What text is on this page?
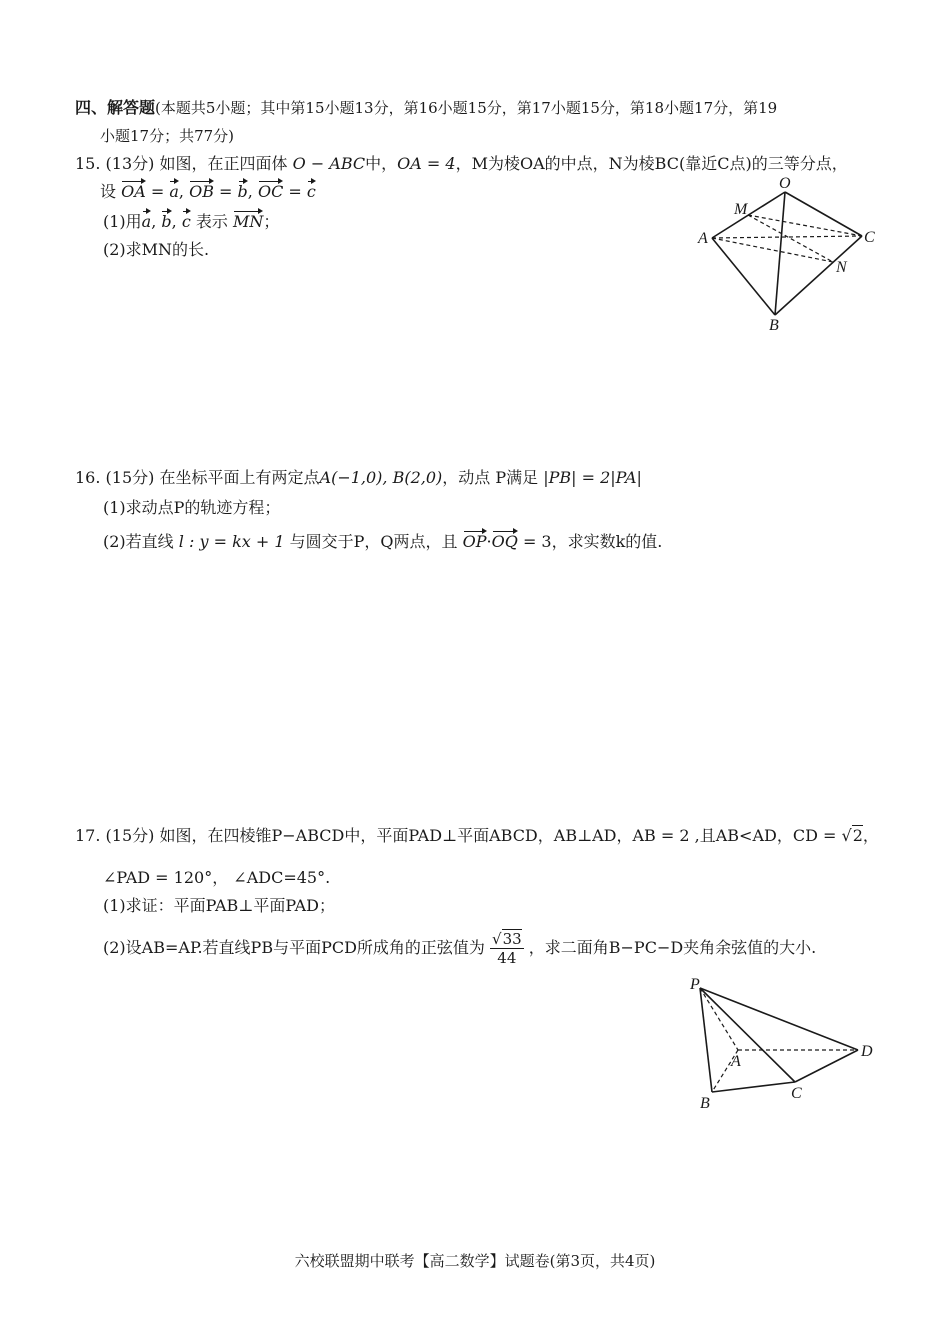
四、解答题(本题共5小题；其中第15小题13分，第16小题15分，第17小题15分，第18小题17分，第19
小题17分；共77分)
15. (13分) 如图，在正四面体 O − ABC中，OA = 4，M为棱OA的中点，N为棱BC(靠近C点)的三等分点，
设 OA = a, OB = b, OC = c
(1)用a, b, c 表示 MN；
(2)求MN的长.
O
M
A	C
N
B
16. (15分) 在坐标平面上有两定点A(−1,0), B(2,0)，动点 P满足 |PB| = 2|PA|
(1)求动点P的轨迹方程；
(2)若直线 l : y = kx + 1 与圆交于P，Q两点，且 OP·OQ = 3，求实数k的值.
17. (15分) 如图，在四棱锥P−ABCD中，平面PAD⊥平面ABCD，AB⊥AD，AB = 2 ,且AB<AD，CD = √2，
∠PAD = 120°， ∠ADC=45°.
(1)求证：平面PAB⊥平面PAD；
(2)设AB=AP.若直线PB与平面PCD所成角的正弦值为 $\frac{√33}{44}$ ，求二面角B−PC−D夹角余弦值的大小.
P
A
D
B
C
六校联盟期中联考【高二数学】试题卷(第3页，共4页)
